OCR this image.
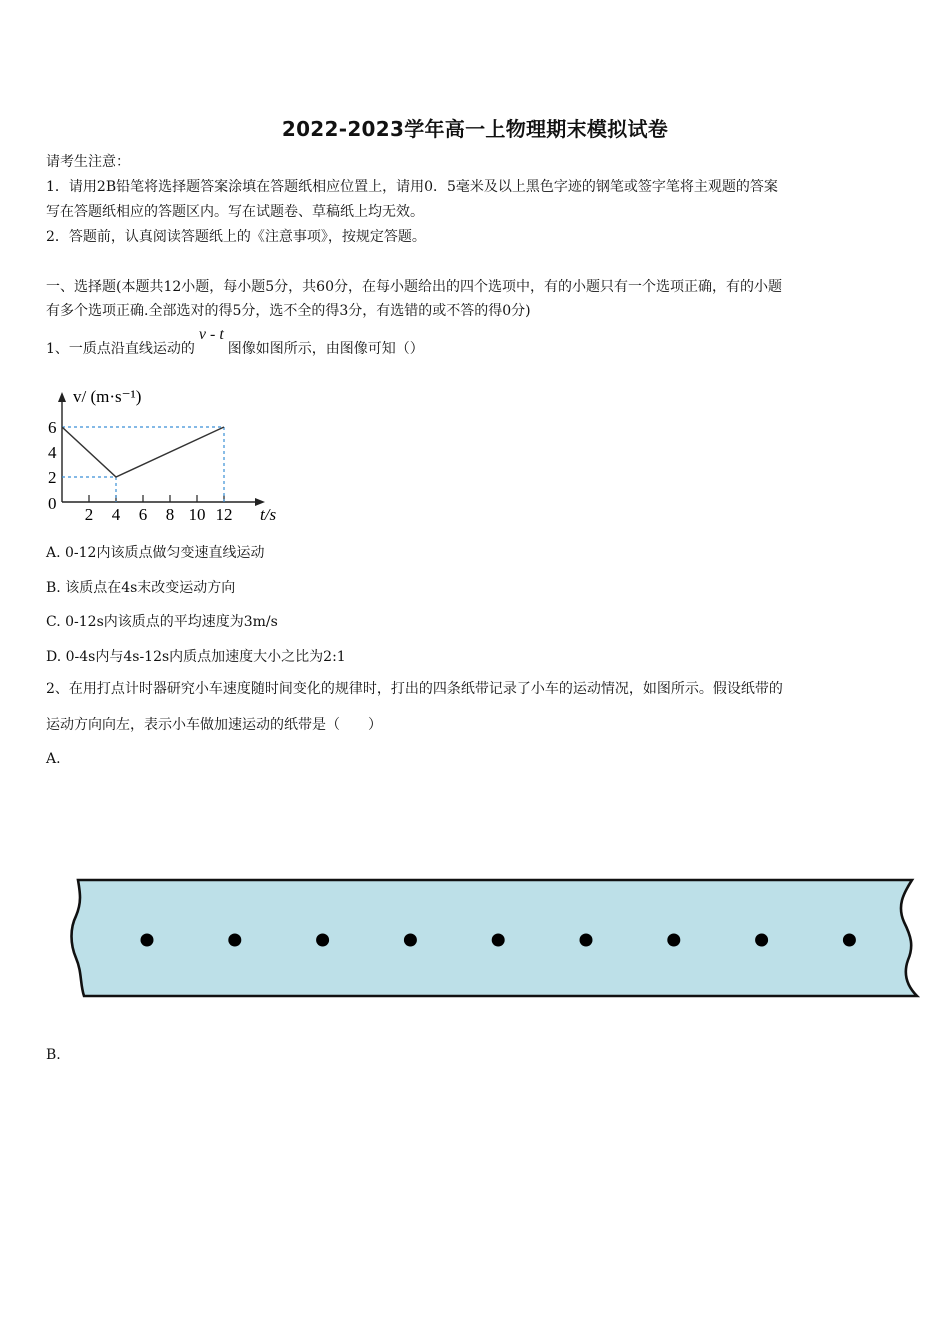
2022-2023学年高一上物理期末模拟试卷
请考生注意：
1．请用2B铅笔将选择题答案涂填在答题纸相应位置上，请用0．5毫米及以上黑色字迹的钢笔或签字笔将主观题的答案
写在答题纸相应的答题区内。写在试题卷、草稿纸上均无效。
2．答题前，认真阅读答题纸上的《注意事项》，按规定答题。
一、选择题(本题共12小题，每小题5分，共60分，在每小题给出的四个选项中，有的小题只有一个选项正确，有的小题
有多个选项正确.全部选对的得5分，选不全的得3分，有选错的或不答的得0分)
1、一质点沿直线运动的v - t图像如图所示，由图像可知（）
v/ (m·s⁻¹)
t/s
0
2 4 6 8 10 12
2
4
6
A. 0-12内该质点做匀变速直线运动
B. 该质点在4s末改变运动方向
C. 0-12s内该质点的平均速度为3m/s
D. 0-4s内与4s-12s内质点加速度大小之比为2:1
2、在用打点计时器研究小车速度随时间变化的规律时，打出的四条纸带记录了小车的运动情况，如图所示。假设纸带的
运动方向向左，表示小车做加速运动的纸带是（　　）
A.
B.
